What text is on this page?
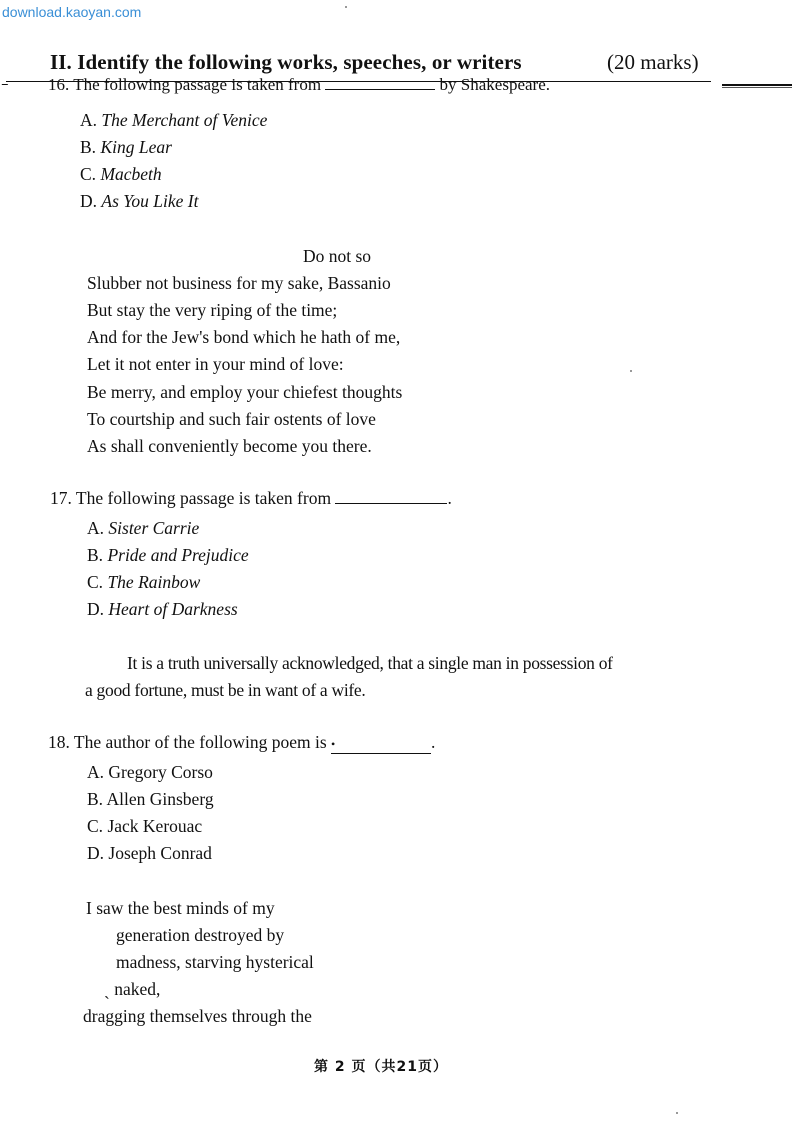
download.kaoyan.com
II. Identify the following works, speeches, or writers	(20 marks)
16. The following passage is taken from	by Shakespeare.
A. The Merchant of Venice
B. King Lear
C. Macbeth
D. As You Like It
Do not so
Slubber not business for my sake, Bassanio
But stay the very riping of the time;
And for the Jew's bond which he hath of me,
Let it not enter in your mind of love:
Be merry, and employ your chiefest thoughts
To courtship and such fair ostents of love
As shall conveniently become you there.
17. The following passage is taken from	.
A. Sister Carrie
B. Pride and Prejudice
C. The Rainbow
D. Heart of Darkness
It is a truth universally acknowledged, that a single man in possession of
a good fortune, must be in want of a wife.
18. The author of the following poem is •	.
A. Gregory Corso
B. Allen Ginsberg
C. Jack Kerouac
D. Joseph Conrad
I saw the best minds of my
generation destroyed by
madness, starving hysterical
ˎ naked,
dragging themselves through the
第 2 页（共21页）
